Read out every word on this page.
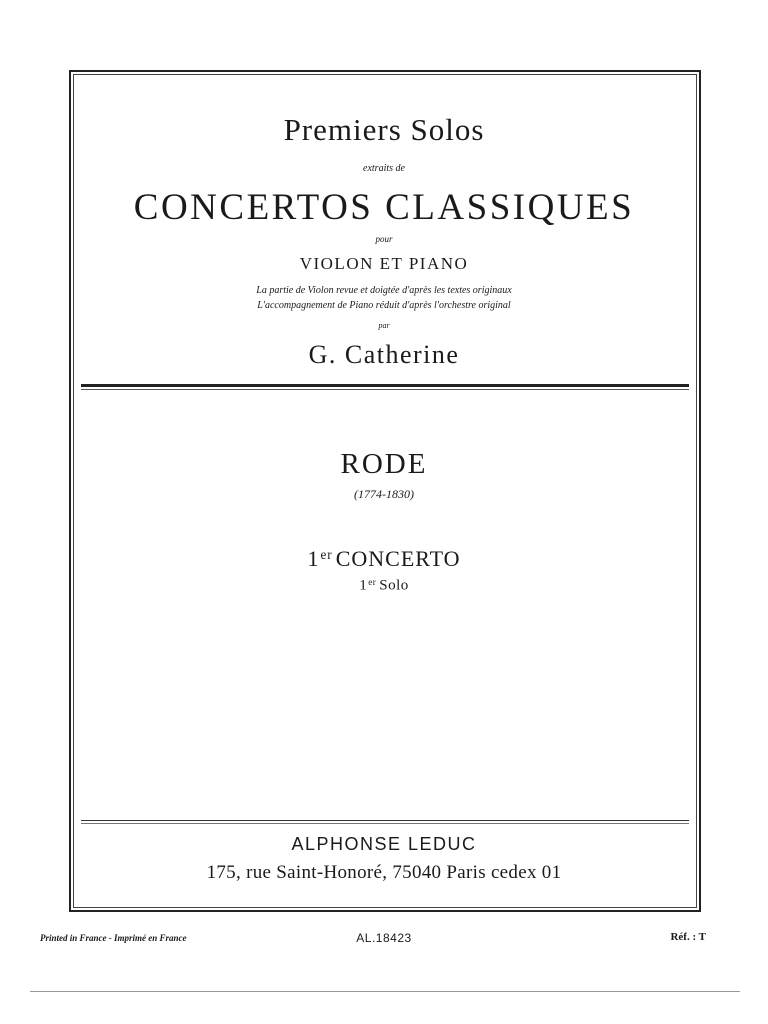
Premiers Solos
extraits de
CONCERTOS CLASSIQUES
pour
VIOLON ET PIANO
La partie de Violon revue et doigtée d'après les textes originaux
L'accompagnement de Piano réduit d'après l'orchestre original
par
G. Catherine
RODE
(1774-1830)
1er CONCERTO
1er Solo
ALPHONSE LEDUC
175, rue Saint-Honoré, 75040 Paris cedex 01
Printed in France - Imprimé en France	AL.18423	Réf. : T
